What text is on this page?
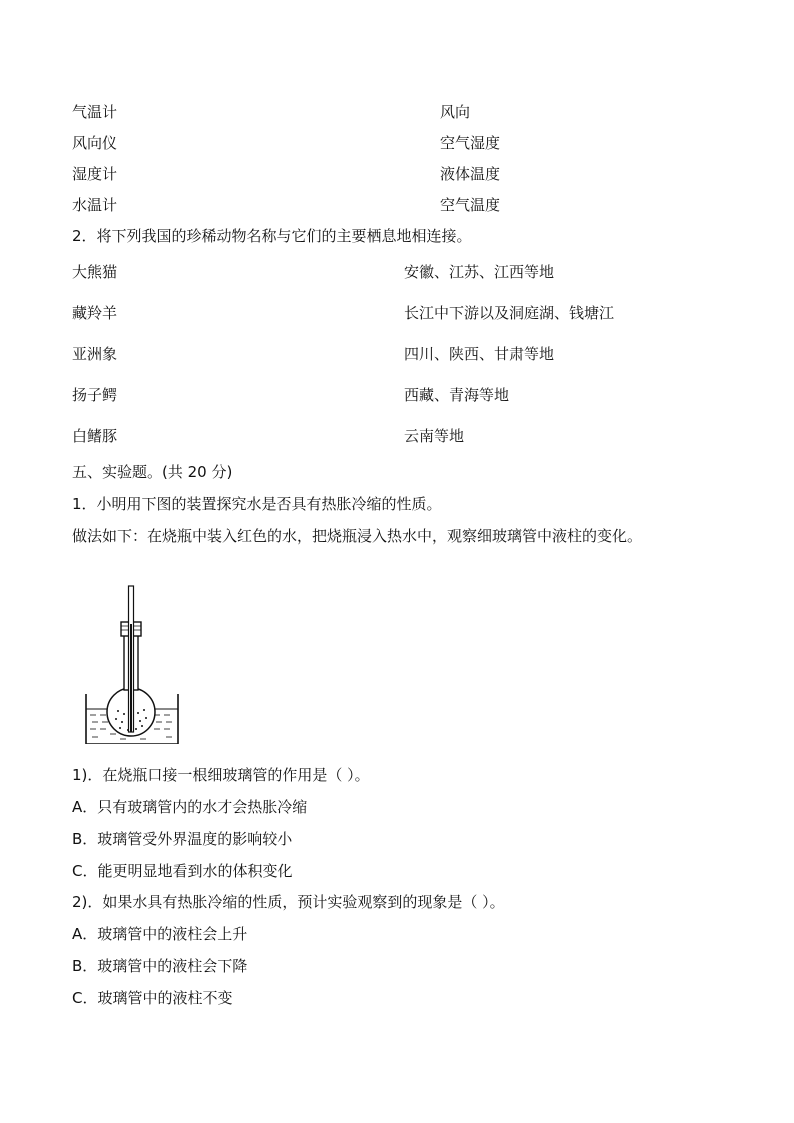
气温计	风向
风向仪	空气湿度
湿度计	液体温度
水温计	空气温度
2．将下列我国的珍稀动物名称与它们的主要栖息地相连接。
大熊猫	安徽、江苏、江西等地
藏羚羊	长江中下游以及洞庭湖、钱塘江
亚洲象	四川、陕西、甘肃等地
扬子鳄	西藏、青海等地
白鳍豚	云南等地
五、实验题。(共 20 分)
1．小明用下图的装置探究水是否具有热胀冷缩的性质。
做法如下：在烧瓶中装入红色的水，把烧瓶浸入热水中，观察细玻璃管中液柱的变化。
1)．在烧瓶口接一根细玻璃管的作用是（ ）。
A．只有玻璃管内的水才会热胀冷缩
B．玻璃管受外界温度的影响较小
C．能更明显地看到水的体积变化
2)．如果水具有热胀冷缩的性质，预计实验观察到的现象是（ ）。
A．玻璃管中的液柱会上升
B．玻璃管中的液柱会下降
C．玻璃管中的液柱不变
